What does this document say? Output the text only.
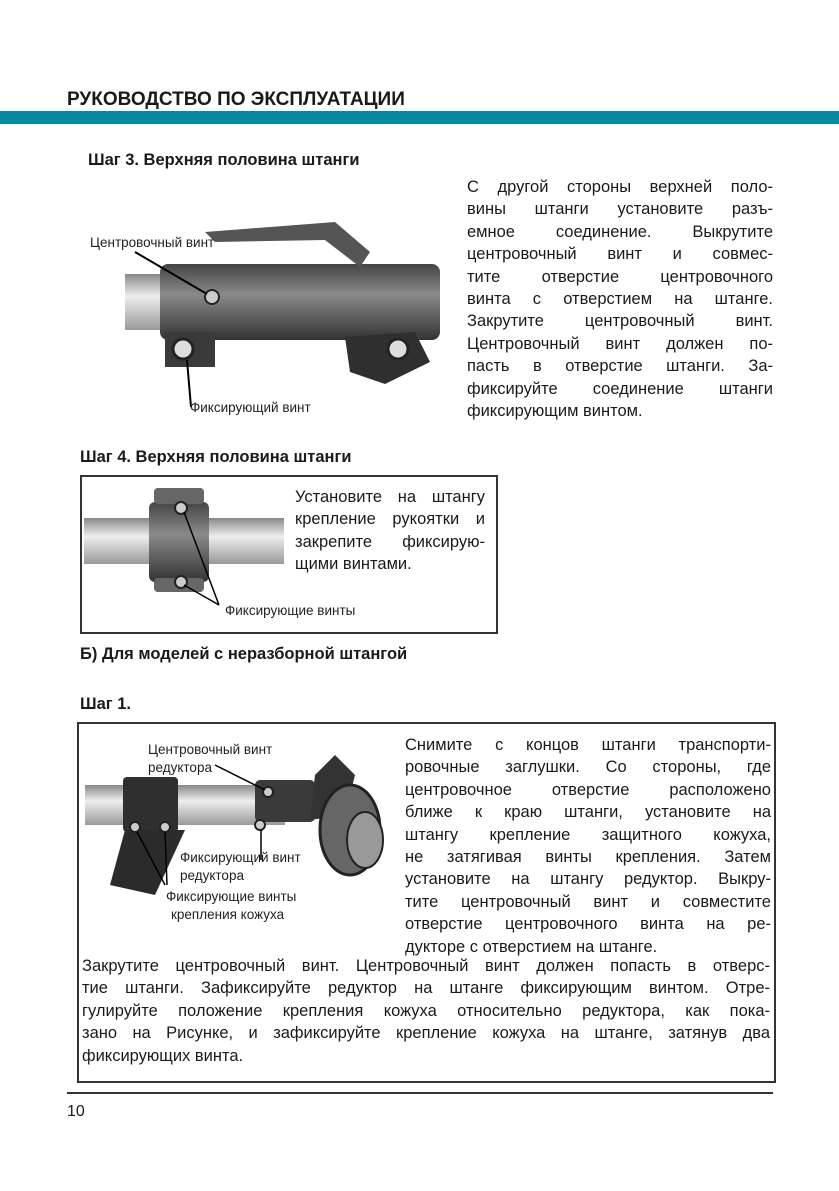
РУКОВОДСТВО ПО ЭКСПЛУАТАЦИИ
Шаг 3. Верхняя половина штанги
Центровочный винт
Фиксирующий винт
С другой стороны верхней поло-
вины штанги установите разъ-
емное соединение. Выкрутите
центровочный винт и совмес-
тите отверстие центровочного
винта с отверстием на штанге.
Закрутите центровочный винт.
Центровочный винт должен по-
пасть в отверстие штанги. За-
фиксируйте соединение штанги
фиксирующим винтом.
Шаг 4. Верхняя половина штанги
Фиксирующие винты
Установите на штангу
крепление рукоятки и
закрепите фиксирую-
щими винтами.
Б) Для моделей с неразборной штангой
Шаг 1.
Центровочный винт
редуктора
Фиксирующий винт
редуктора
Фиксирующие винты
крепления кожуха
Снимите с концов штанги транспорти-
ровочные заглушки. Со стороны, где
центровочное отверстие расположено
ближе к краю штанги, установите на
штангу крепление защитного кожуха,
не затягивая винты крепления. Затем
установите на штангу редуктор. Выкру-
тите центровочный винт и совместите
отверстие центровочного винта на ре-
дукторе с отверстием на штанге.
Закрутите центровочный винт. Центровочный винт должен попасть в отверс-
тие штанги. Зафиксируйте редуктор на штанге фиксирующим винтом. Отре-
гулируйте положение крепления кожуха относительно редуктора, как пока-
зано на Рисунке, и зафиксируйте крепление кожуха на штанге, затянув два
фиксирующих винта.
10
